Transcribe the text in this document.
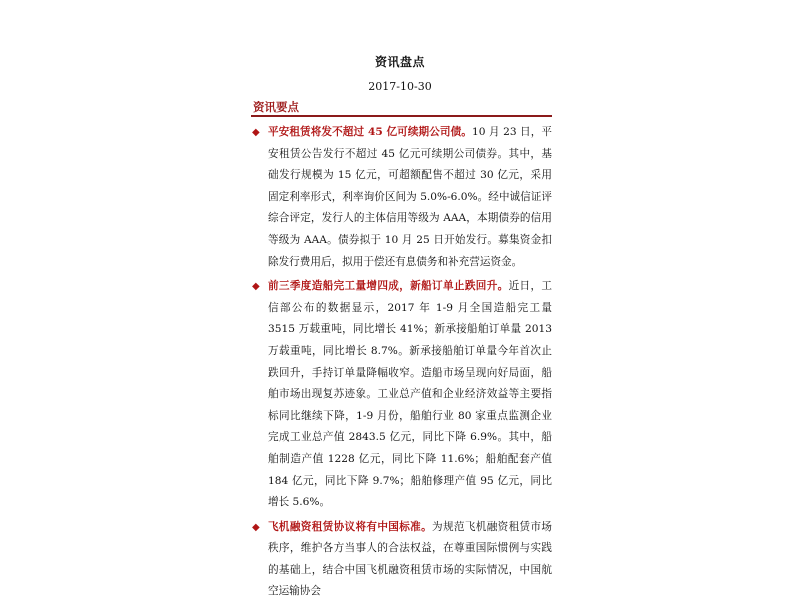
资讯盘点
2017-10-30
资讯要点
◆ 平安租赁将发不超过 45 亿可续期公司债。10 月 23 日，平安租赁公告发行不超过 45 亿元可续期公司债券。其中，基础发行规模为 15 亿元，可超额配售不超过 30 亿元，采用固定利率形式，利率询价区间为 5.0%-6.0%。经中诚信证评综合评定，发行人的主体信用等级为 AAA，本期债券的信用等级为 AAA。债券拟于 10 月 25 日开始发行。募集资金扣除发行费用后，拟用于偿还有息债务和补充营运资金。
◆ 前三季度造船完工量增四成，新船订单止跌回升。近日，工信部公布的数据显示，2017 年 1-9 月全国造船完工量 3515 万载重吨，同比增长 41%；新承接船舶订单量 2013 万载重吨，同比增长 8.7%。新承接船舶订单量今年首次止跌回升，手持订单量降幅收窄。造船市场呈现向好局面，船舶市场出现复苏迹象。工业总产值和企业经济效益等主要指标同比继续下降，1-9 月份，船舶行业 80 家重点监测企业完成工业总产值 2843.5 亿元，同比下降 6.9%。其中，船舶制造产值 1228 亿元，同比下降 11.6%；船舶配套产值 184 亿元，同比下降 9.7%；船舶修理产值 95 亿元，同比增长 5.6%。
◆ 飞机融资租赁协议将有中国标准。为规范飞机融资租赁市场秩序，维护各方当事人的合法权益，在尊重国际惯例与实践的基础上，结合中国飞机融资租赁市场的实际情况，中国航空运输协会
